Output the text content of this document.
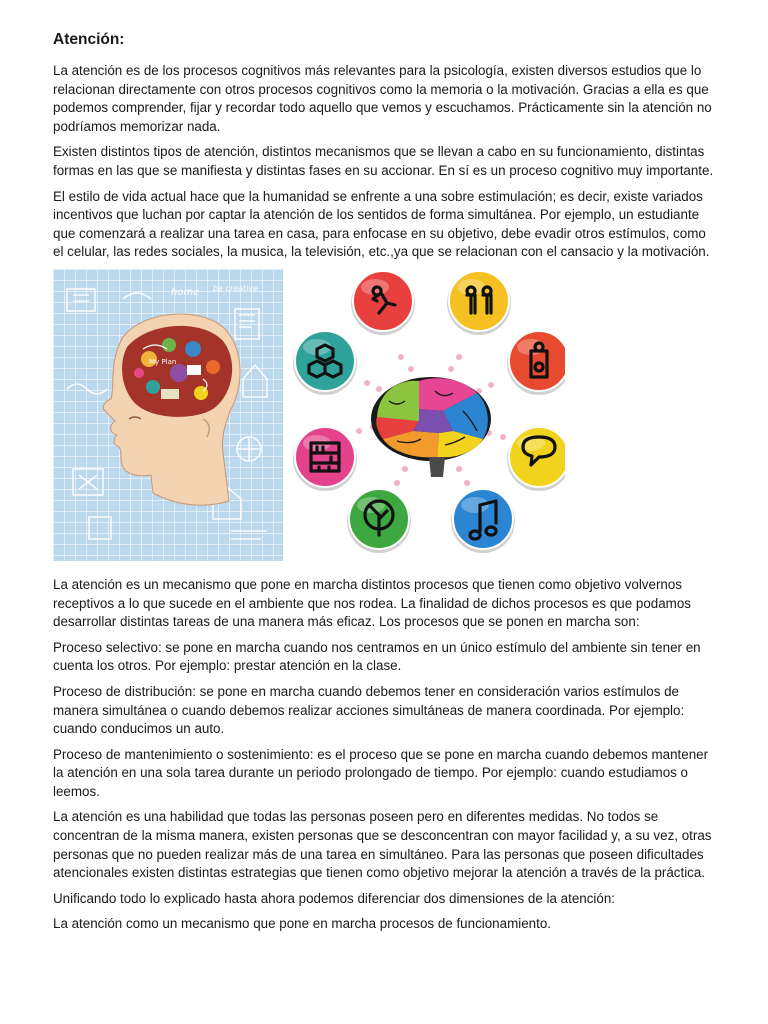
Atención:

La atención es de los procesos cognitivos más relevantes para la psicología, existen diversos estudios que lo relacionan directamente con otros procesos cognitivos como la memoria o la motivación. Gracias a ella es que podemos comprender, fijar y recordar todo aquello que vemos y escuchamos. Prácticamente sin la atención no podríamos memorizar nada.

Existen distintos tipos de atención, distintos mecanismos que se llevan a cabo en su funcionamiento, distintas formas en las que se manifiesta y distintas fases en su accionar. En sí es un proceso cognitivo muy importante.

El estilo de vida actual hace que la humanidad se enfrente a una sobre estimulación; es decir, existe variados incentivos que luchan por captar la atención de los sentidos de forma simultánea. Por ejemplo, un estudiante que comenzará a realizar una tarea en casa, para enfocase en su objetivo, debe evadir otros estímulos, como el celular, las redes sociales, la musica, la televisión, etc.,ya que se relacionan con el cansacio y la motivación.

home be creative
My Plan

La atención es un mecanismo que pone en marcha distintos procesos que tienen como objetivo volvernos receptivos a lo que sucede en el ambiente que nos rodea. La finalidad de dichos procesos es que podamos desarrollar distintas tareas de una manera más eficaz. Los procesos que se ponen en marcha son:

Proceso selectivo: se pone en marcha cuando nos centramos en un único estímulo del ambiente sin tener en cuenta los otros. Por ejemplo: prestar atención en la clase.

Proceso de distribución: se pone en marcha cuando debemos tener en consideración varios estímulos de manera simultánea o cuando debemos realizar acciones simultáneas de manera coordinada. Por ejemplo: cuando conducimos un auto.

Proceso de mantenimiento o sostenimiento: es el proceso que se pone en marcha cuando debemos mantener la atención en una sola tarea durante un periodo prolongado de tiempo. Por ejemplo: cuando estudiamos o leemos.

La atención es una habilidad que todas las personas poseen pero en diferentes medidas. No todos se concentran de la misma manera, existen personas que se desconcentran con mayor facilidad y, a su vez, otras personas que no pueden realizar más de una tarea en simultáneo. Para las personas que poseen dificultades atencionales existen distintas estrategias que tienen como objetivo mejorar la atención a través de la práctica.

Unificando todo lo explicado hasta ahora podemos diferenciar dos dimensiones de la atención:

La atención como un mecanismo que pone en marcha procesos de funcionamiento.
